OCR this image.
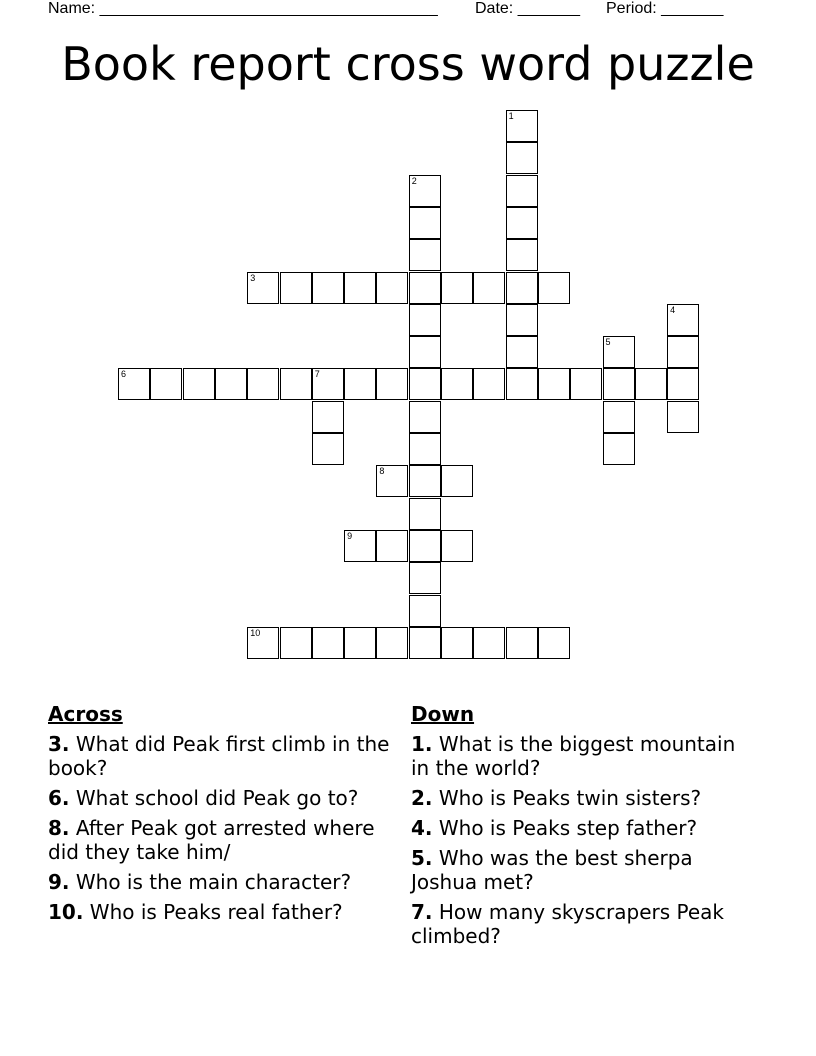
Name: ______________________________________ Date: _______ Period: _______
Book report cross word puzzle
1
2
3
4
5
6	7
8
9
10
Across
3. What did Peak first climb in the book?
6. What school did Peak go to?
8. After Peak got arrested where did they take him/
9. Who is the main character?
10. Who is Peaks real father?
Down
1. What is the biggest mountain in the world?
2. Who is Peaks twin sisters?
4. Who is Peaks step father?
5. Who was the best sherpa Joshua met?
7. How many skyscrapers Peak climbed?
